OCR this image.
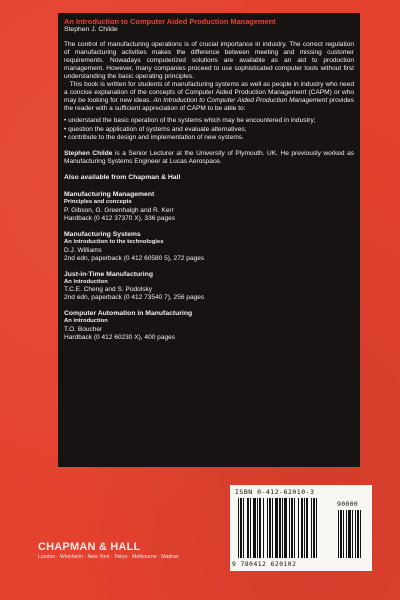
An Introduction to Computer Aided Production Management

Stephen J. Childe

The control of manufacturing operations is of crucial importance in industry. The correct regulation of manufacturing activities makes the difference between meeting and missing customer requirements. Nowadays computerized solutions are available as an aid to production management. However, many companies proceed to use sophisticated computer tools without first understanding the basic operating principles.

This book is written for students of manufacturing systems as well as people in industry who need a concise explanation of the concepts of Computer Aided Production Management (CAPM) or who may be looking for new ideas. An Introduction to Computer Aided Production Management provides the reader with a sufficient appreciation of CAPM to be able to:

• understand the basic operation of the systems which may be encountered in industry;
• question the application of systems and evaluate alternatives;
• contribute to the design and implementation of new systems.

Stephen Childe is a Senior Lecturer at the University of Plymouth. UK. He previously worked as Manufacturing Systems Engineer at Lucas Aerospace.

Also available from Chapman & Hall

Manufacturing Management
Principles and concepts
P. Gibson, G. Greenhalgh and R. Kerr
Hardback (0 412 37370 X), 336 pages
Manufacturing Systems
An introduction to the technologies
D.J. Williams
2nd edn, paperback (0 412 60580 5), 272 pages
Just-in-Time Manufacturing
An introduction
T.C.E. Cheng and S. Podolsky
2nd edn, paperback (0 412 73540 7), 256 pages
Computer Automation in Manufacturing
An introduction
T.O. Boucher
Hardback (0 412 60230 X), 400 pages
ISBN 0-412-62010-3
90000
9 780412 620102

CHAPMAN & HALL

London · Weinheim · New York · Tokyo · Melbourne · Madras
